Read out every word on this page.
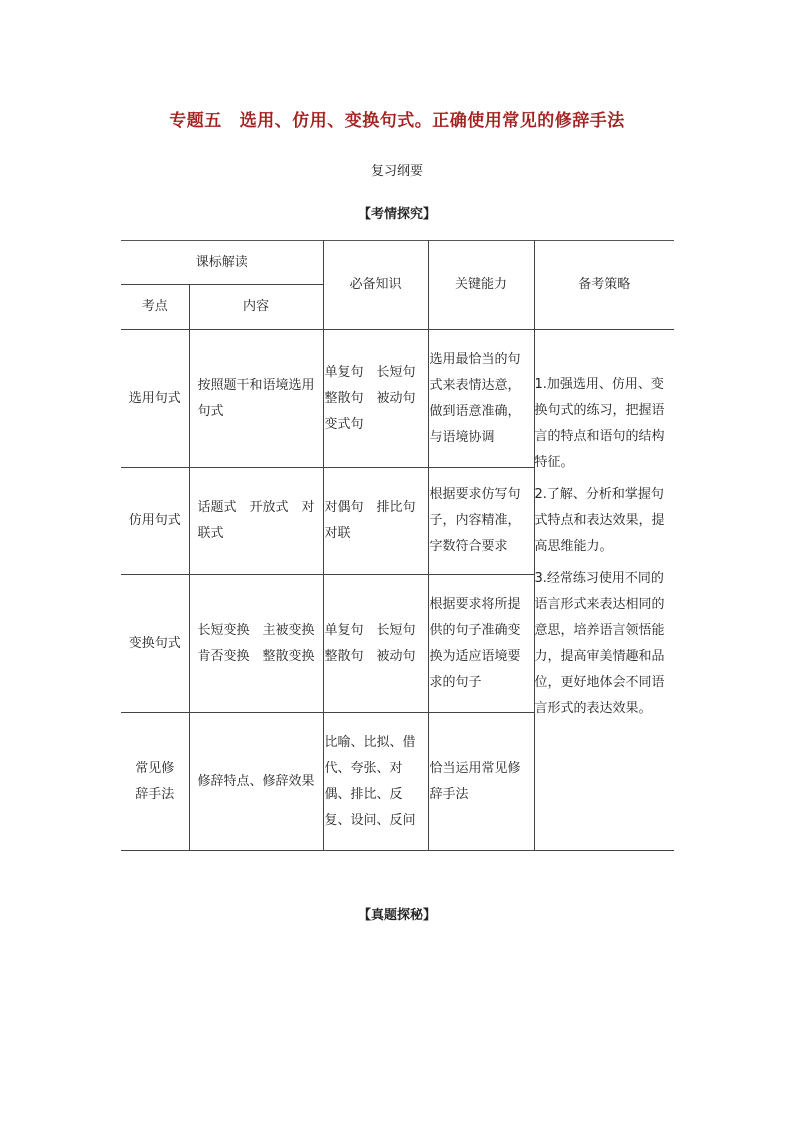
专题五 选用、仿用、变换句式。正确使用常见的修辞手法
复习纲要
【考情探究】
课标解读		必备知识	关键能力	备考策略
考点	内容			
选用句式	按照题干和语境选用句式	单复句　长短句　整散句　被动句　变式句	选用最恰当的句式来表情达意，做到语意准确，与语境协调	1.加强选用、仿用、变换句式的练习，把握语言的特点和语句的结构特征。

2.了解、分析和掌握句式特点和表达效果，提高思维能力。

3.经常练习使用不同的语言形式来表达相同的意思，培养语言领悟能力，提高审美情趣和品位，更好地体会不同语言形式的表达效果。

仿用句式	话题式　开放式　对联式	对偶句　排比句　对联	根据要求仿写句子，内容精准，字数符合要求	
变换句式	长短变换　主被变换　肯否变换　整散变换	单复句　长短句　整散句　被动句	根据要求将所提供的句子准确变换为适应语境要求的句子	
常见修辞手法	修辞特点、修辞效果	比喻、比拟、借代、夸张、对偶、排比、反复、设问、反问	恰当运用常见修辞手法	
【真题探秘】
